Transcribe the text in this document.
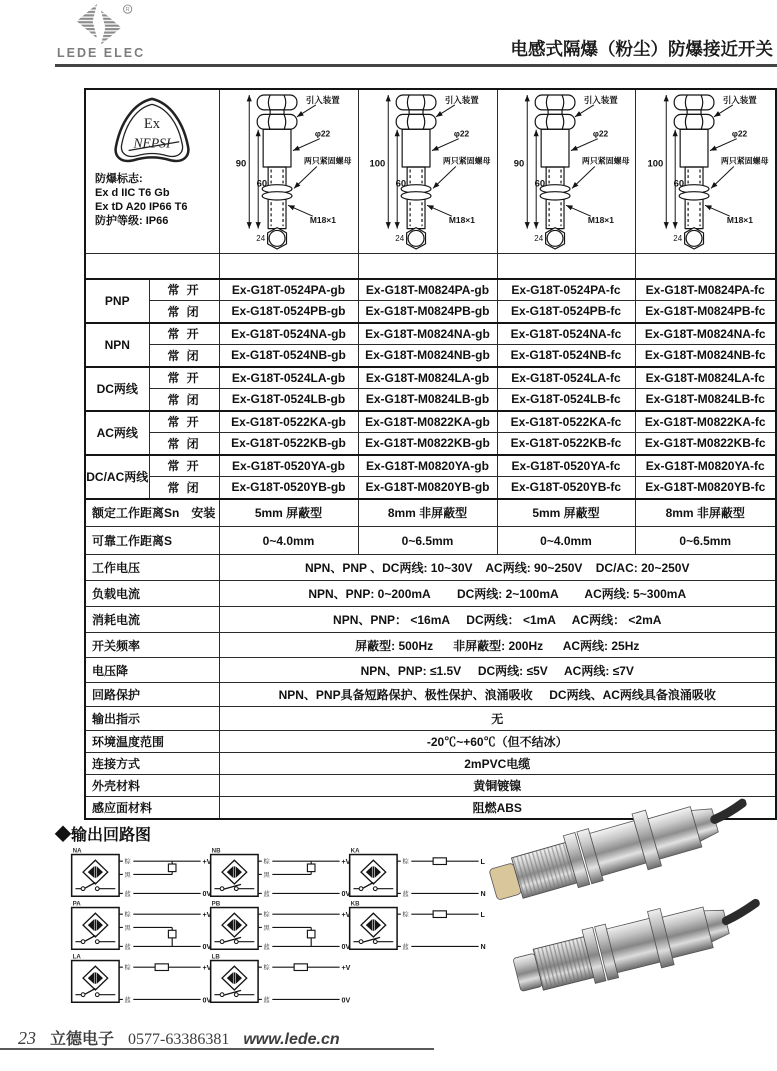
R
LEDE ELEC	电感式隔爆（粉尘）防爆接近开关
Ex
NEPSI
防爆标志:
Ex d IIC T6 Gb
Ex tD A20 IP66 T6
防护等级: IP66

90
60
24
引入装置
φ22
两只紧固螺母
M18×1

100
60
24
引入装置
φ22
两只紧固螺母
M18×1

90
60
24
引入装置
φ22
两只紧固螺母
M18×1

100
60
24
引入装置
φ22
两只紧固螺母
M18×1

PNP	常 开	Ex-G18T-0524PA-gb	Ex-G18T-M0824PA-gb	Ex-G18T-0524PA-fc	Ex-G18T-M0824PA-fc
	常 闭	Ex-G18T-0524PB-gb	Ex-G18T-M0824PB-gb	Ex-G18T-0524PB-fc	Ex-G18T-M0824PB-fc
NPN	常 开	Ex-G18T-0524NA-gb	Ex-G18T-M0824NA-gb	Ex-G18T-0524NA-fc	Ex-G18T-M0824NA-fc
	常 闭	Ex-G18T-0524NB-gb	Ex-G18T-M0824NB-gb	Ex-G18T-0524NB-fc	Ex-G18T-M0824NB-fc
DC两线	常 开	Ex-G18T-0524LA-gb	Ex-G18T-M0824LA-gb	Ex-G18T-0524LA-fc	Ex-G18T-M0824LA-fc
	常 闭	Ex-G18T-0524LB-gb	Ex-G18T-M0824LB-gb	Ex-G18T-0524LB-fc	Ex-G18T-M0824LB-fc
AC两线	常 开	Ex-G18T-0522KA-gb	Ex-G18T-M0822KA-gb	Ex-G18T-0522KA-fc	Ex-G18T-M0822KA-fc
	常 闭	Ex-G18T-0522KB-gb	Ex-G18T-M0822KB-gb	Ex-G18T-0522KB-fc	Ex-G18T-M0822KB-fc
DC/AC两线	常 开	Ex-G18T-0520YA-gb	Ex-G18T-M0820YA-gb	Ex-G18T-0520YA-fc	Ex-G18T-M0820YA-fc
	常 闭	Ex-G18T-0520YB-gb	Ex-G18T-M0820YB-gb	Ex-G18T-0520YB-fc	Ex-G18T-M0820YB-fc
额定工作距离Sn　安装		5mm 屏蔽型	8mm 非屏蔽型	5mm 屏蔽型	8mm 非屏蔽型
可靠工作距离S		0~4.0mm	0~6.5mm	0~4.0mm	0~6.5mm
工作电压		NPN、PNP 、DC两线: 10~30V    AC两线: 90~250V    DC/AC: 20~250V			
负载电流		NPN、PNP: 0~200mA        DC两线: 2~100mA        AC两线: 5~300mA			
消耗电流		NPN、PNP： <16mA     DC两线： <1mA     AC两线： <2mA			
开关频率		屏蔽型: 500Hz      非屏蔽型: 200Hz      AC两线: 25Hz			
电压降		NPN、PNP: ≤1.5V     DC两线: ≤5V     AC两线: ≤7V			
回路保护		NPN、PNP具备短路保护、极性保护、浪涌吸收     DC两线、AC两线具备浪涌吸收			
输出指示		无			
环境温度范围		-20℃~+60℃（但不结冰）			
连接方式		2mPVC电缆			
外壳材料		黄铜镀镍			
感应面材料		阻燃ABS			
◆输出回路图
NA
棕
黑
蓝
+V
0V
NB
棕
黑
蓝
+V
0V
KA
棕
蓝
L
N
PA
棕
黑
蓝
+V
0V
PB
棕
黑
蓝
+V
0V
KB
棕
蓝
L
N
LA
棕
蓝
+V
0V
LB
棕
蓝
+V
0V
23 立德电子 0577-63386381 www.lede.cn
